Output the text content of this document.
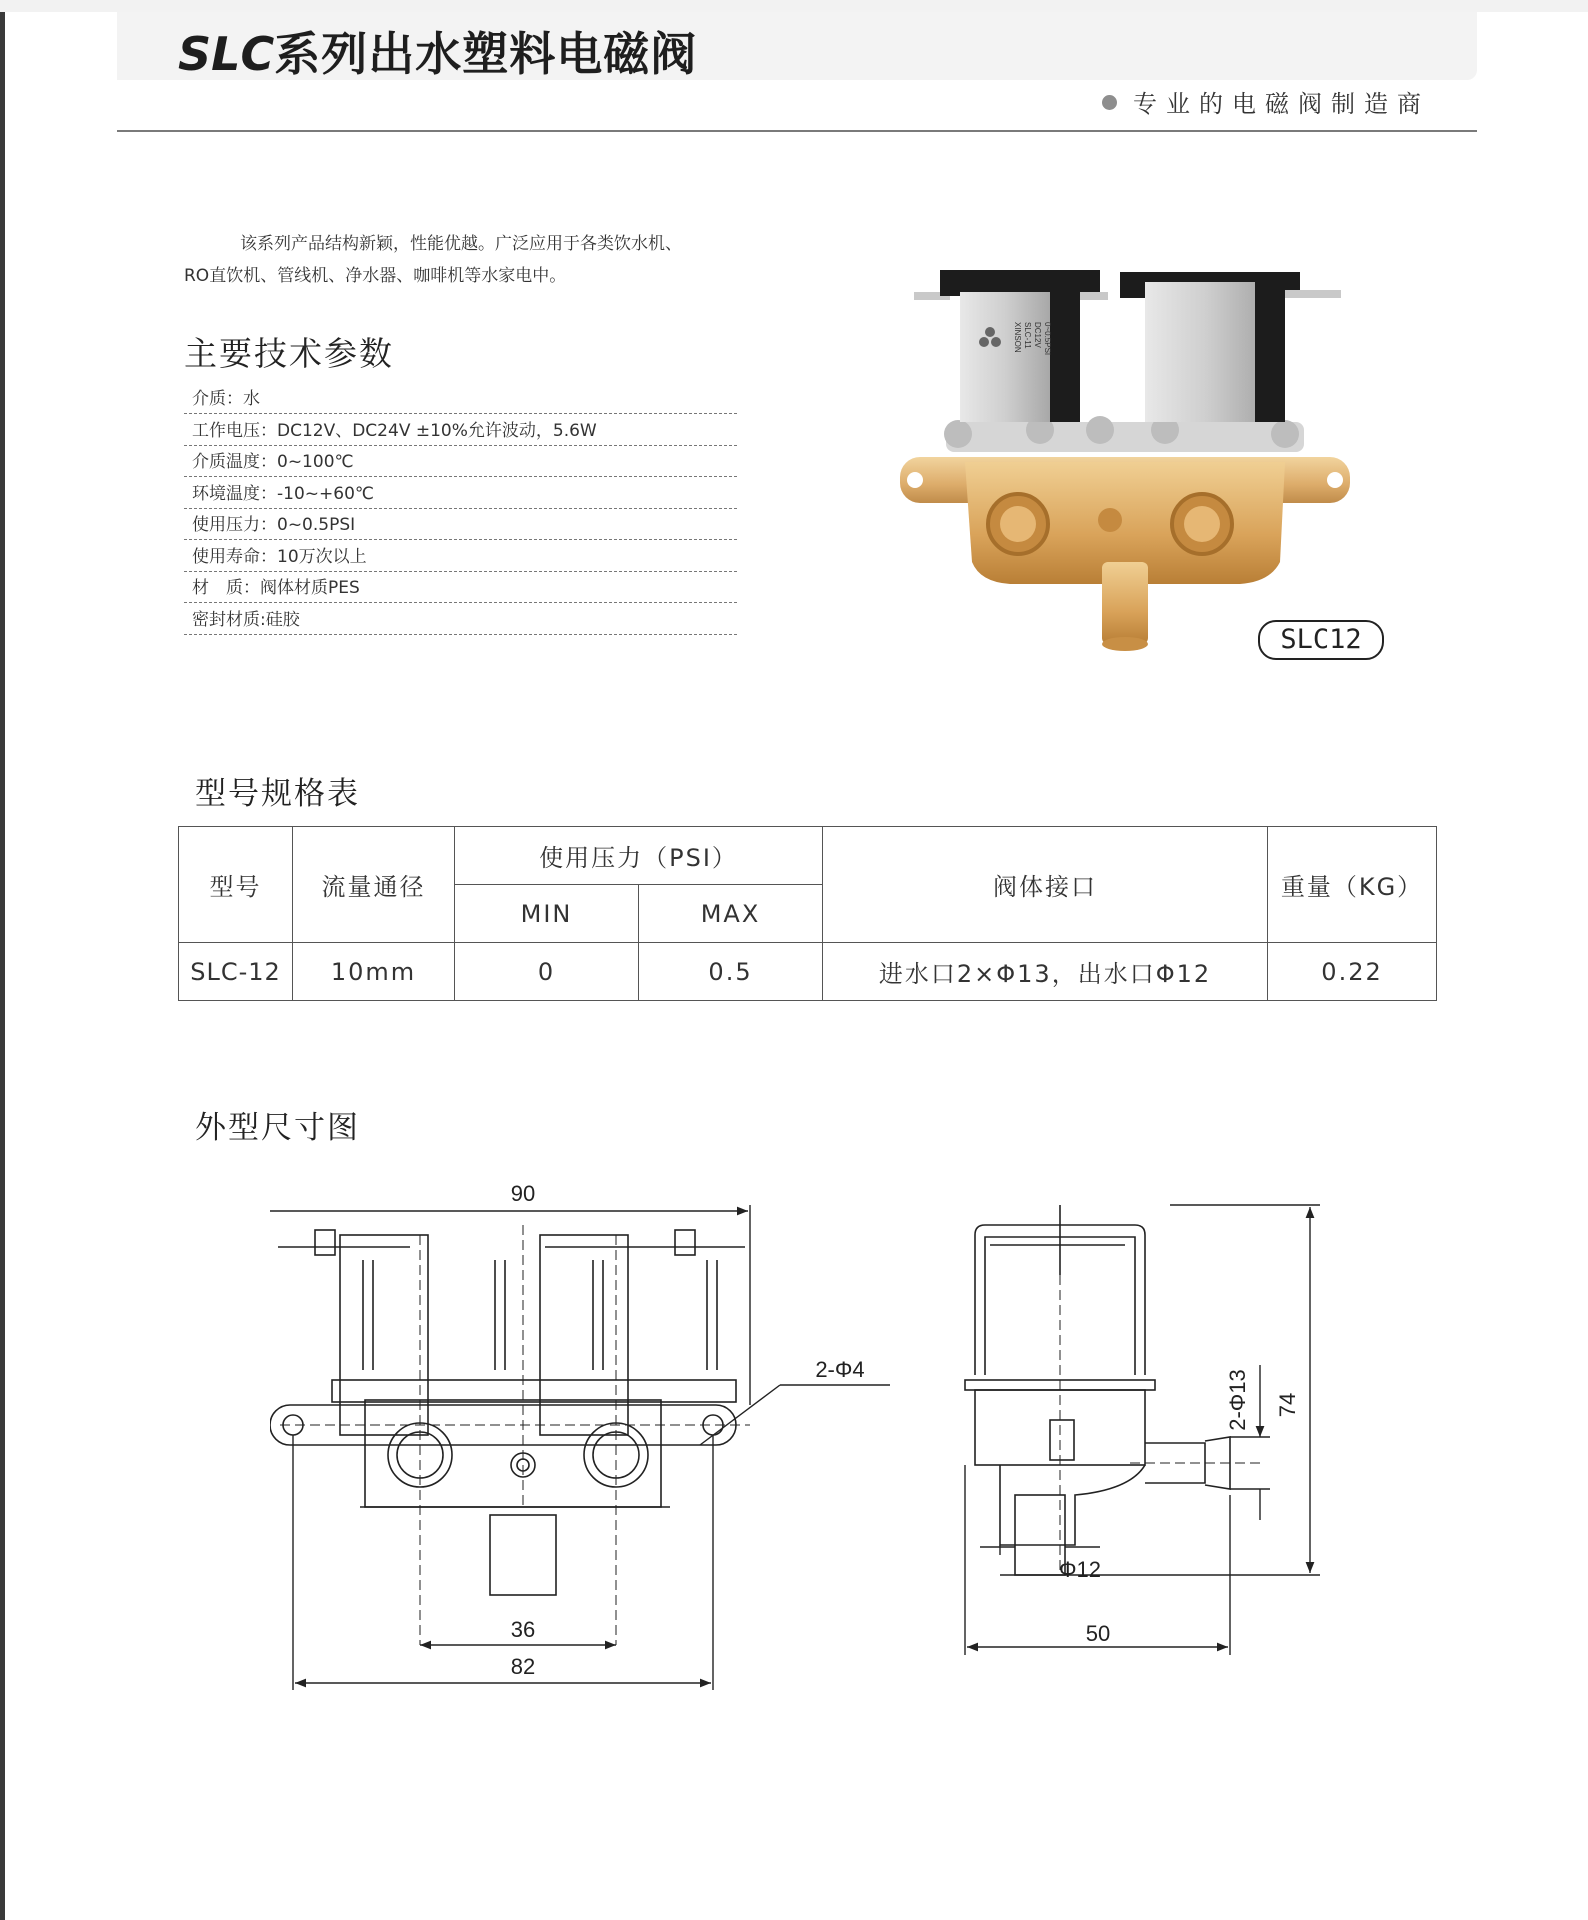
SLC系列出水塑料电磁阀
专业的电磁阀制造商

该系列产品结构新颖，性能优越。广泛应用于各类饮水机、

RO直饮机、管线机、净水器、咖啡机等水家电中。
主要技术参数
介质：水
工作电压：DC12V、DC24V ±10%允许波动，5.6W
介质温度：0~100℃
环境温度：-10~+60℃
使用压力：0~0.5PSI
使用寿命：10万次以上
材　质：阀体材质PES
密封材质:硅胶
XINSON SLC-11 DC12V 0~0.5PSI
SLC12
型号规格表
型号	流量通径	使用压力（PSI）		阀体接口	重量（KG）
		MIN	MAX		
SLC-12	10mm	0	0.5	进水口2×Φ13，出水口Φ12	0.22
外型尺寸图
90
36
82
2-Φ4
74
2-Φ13
Φ12
50
